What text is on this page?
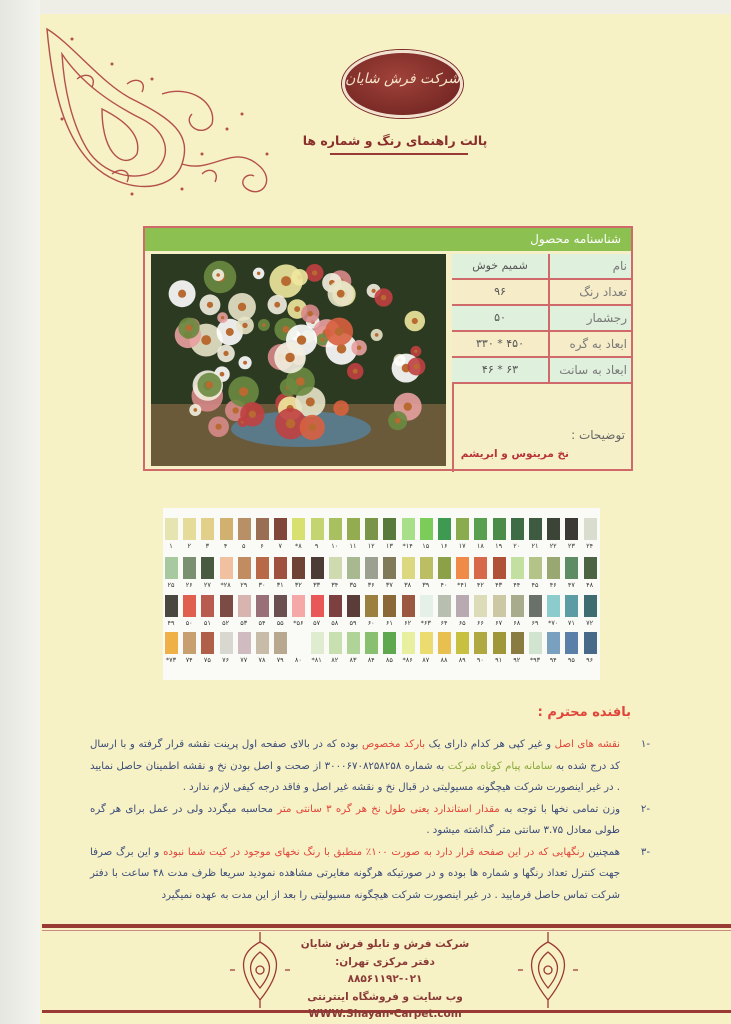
شرکت فرش شایان
پالت راهنمای رنگ و شماره ها
شناسنامه محصول
نام
شمیم خوش
تعداد رنگ
۹۶
رجشمار
۵۰
ابعاد به گره
۴۵۰ * ۳۳۰
ابعاد به سانت
۶۳ * ۴۶
توضیحات :
نخ مرینوس و ابریشم
۱	۲	۳	۴	۵	۶	۷	*۸	۹	۱۰	۱۱	۱۲	۱۳	*۱۴	۱۵	۱۶	۱۷	۱۸	۱۹	۲۰	۲۱	۲۲	۲۳	۲۴
۲۵	۲۶	۲۷	*۲۸	۲۹	۳۰	۳۱	۳۲	۳۳	۳۴	۳۵	۳۶	۳۷	۳۸	۳۹	۴۰	*۴۱	۴۲	۴۳	۴۴	۴۵	۴۶	۴۷	۴۸
۴۹	۵۰	۵۱	۵۲	۵۳	۵۴	۵۵	*۵۶	۵۷	۵۸	۵۹	۶۰	۶۱	۶۲	*۶۳	۶۴	۶۵	۶۶	۶۷	۶۸	۶۹	*۷۰	۷۱	۷۲
*۷۳	۷۴	۷۵	۷۶	۷۷	۷۸	۷۹	۸۰	*۸۱	۸۲	۸۳	۸۴	۸۵	*۸۶	۸۷	۸۸	۸۹	۹۰	۹۱	۹۲	*۹۳	۹۴	۹۵	۹۶
بافنده محترم :
-۱
نقشه های اصل و غیر کپی هر کدام دارای یک بارکد مخصوص بوده که در بالای صفحه اول پرینت نقشه قرار گرفته و با ارسال کد درج شده به سامانه پیام کوتاه شرکت به شماره ۳۰۰۰۶۷۰۸۲۵۸۲۵۸ از صحت و اصل بودن نخ و نقشه اطمینان حاصل نمایید . در غیر اینصورت شرکت هیچگونه مسیولیتی در قبال نخ و نقشه غیر اصل و فاقد درجه کیفی لازم ندارد .
-۲
وزن تمامی نخها با توجه به مقدار استاندارد یعنی طول نخ هر گره ۳ سانتی متر محاسبه میگردد ولی در عمل برای هر گره طولی معادل ۳.۷۵ سانتی متر گذاشته میشود .
-۳
همچنین رنگهایی که در این صفحه قرار دارد به صورت ۱۰۰٪ منطبق با رنگ نخهای موجود در کیت شما نبوده و این برگ صرفا جهت کنترل تعداد رنگها و شماره ها بوده و در صورتیکه هرگونه مغایرتی مشاهده نمودید سریعا ظرف مدت ۴۸ ساعت با دفتر شرکت تماس حاصل فرمایید . در غیر اینصورت شرکت هیچگونه مسیولیتی را بعد از این مدت به عهده نمیگیرد
شرکت فرش و تابلو فرش شایان
دفتر مرکزی تهران: ۰۲۱-۸۸۵۶۱۱۹۲
وب سایت و فروشگاه اینترنتی
WWW.Shayan-Carpet.com
